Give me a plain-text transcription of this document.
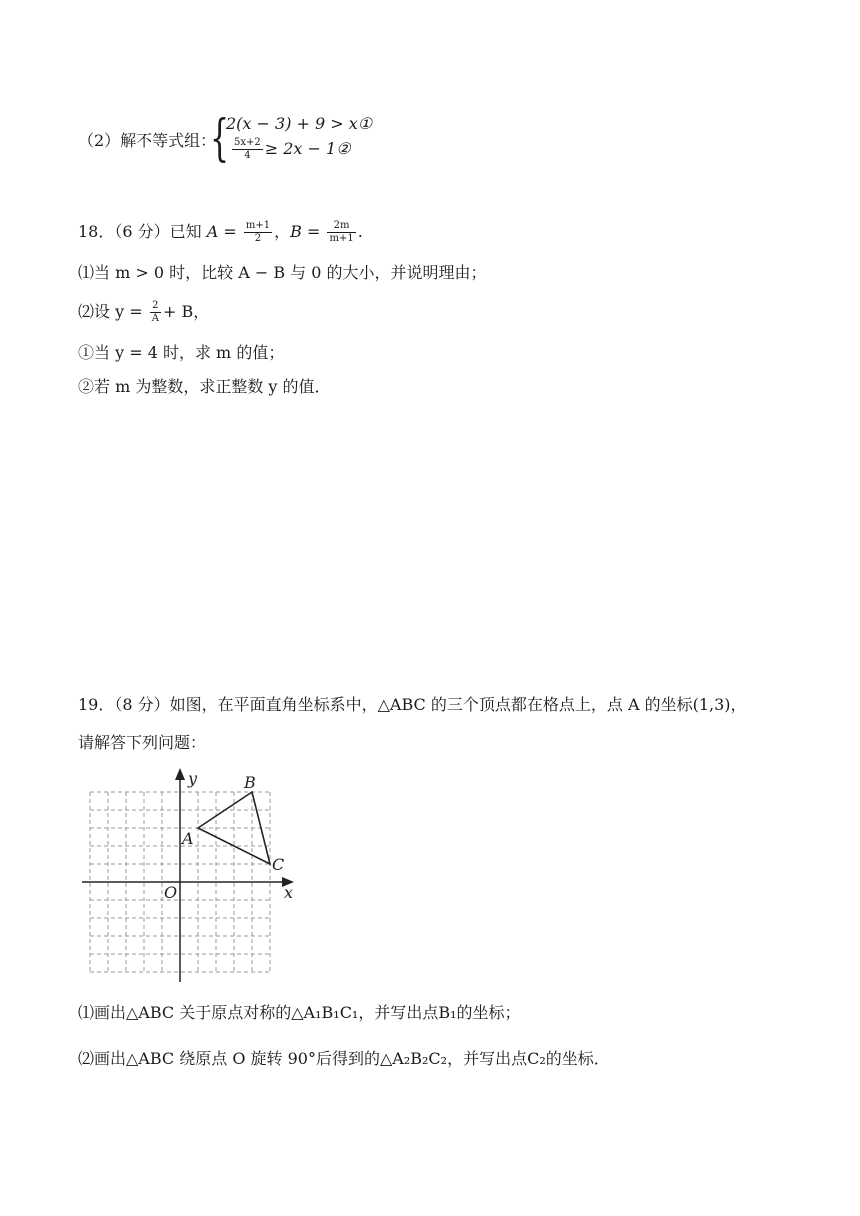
（2）解不等式组：
{
2(x − 3) + 9 > x①
$\frac{5x+2}{4} \ge 2x$ − 1②
18．（6 分）已知 $A = \frac{m+1}{2}$ ，$B = \frac{2m}{m+1}$ .
⑴当 m > 0 时，比较 A − B 与 0 的大小，并说明理由；
⑵设 $y = \frac{2}{A} + B$，
①当 y = 4 时，求 m 的值；
②若 m 为整数，求正整数 y 的值．
19．（8 分）如图，在平面直角坐标系中，△ABC 的三个顶点都在格点上，点 A 的坐标(1,3)，
请解答下列问题：
A
B
C
O	x
y
⑴画出△ABC 关于原点对称的△A₁B₁C₁，并写出点B₁的坐标；
⑵画出△ABC 绕原点 O 旋转 90°后得到的△A₂B₂C₂，并写出点C₂的坐标．
